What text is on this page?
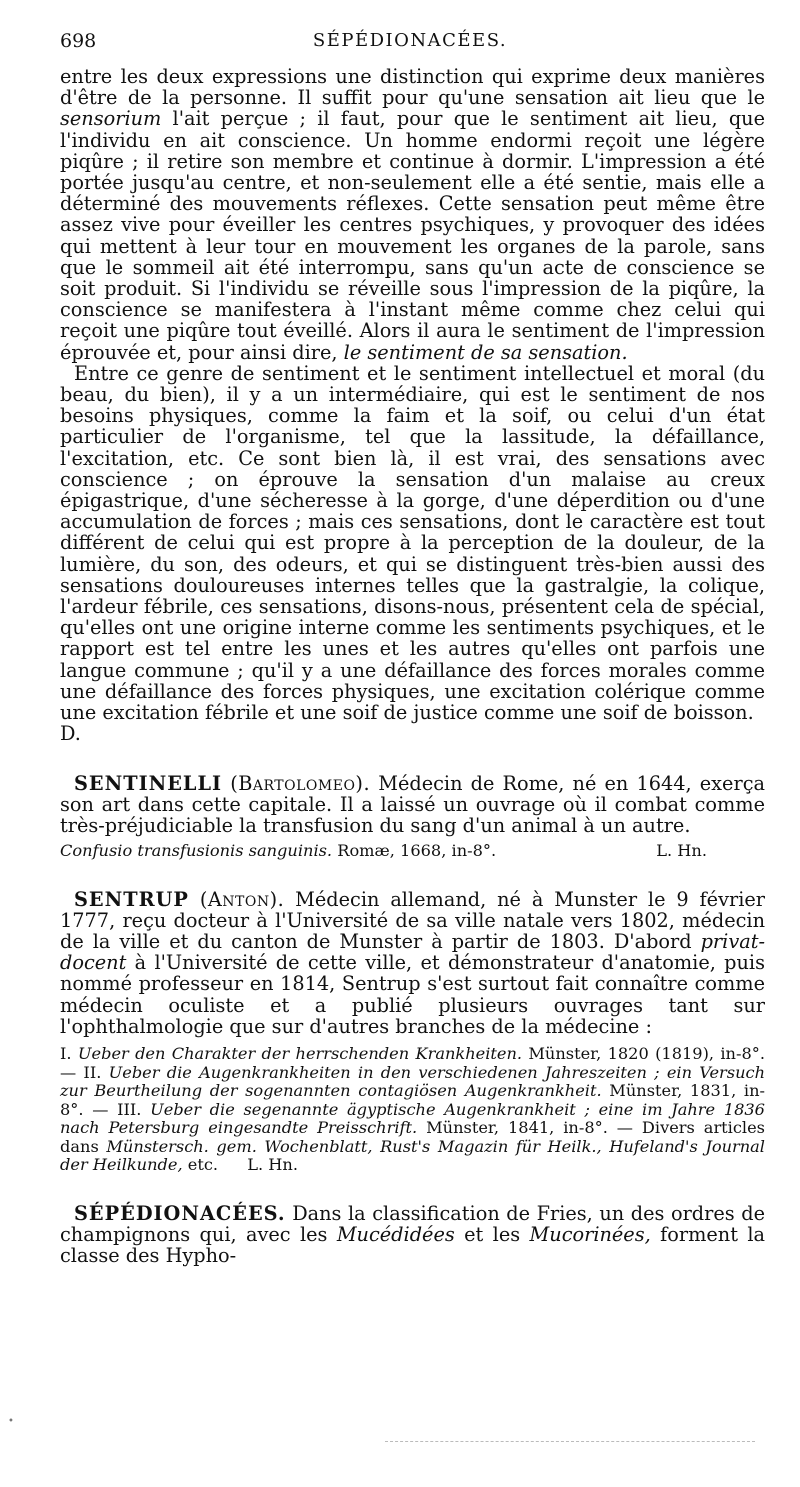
698	SÉPÉDIONACÉES.

entre les deux expressions une distinction qui exprime deux manières d'être de la personne. Il suffit pour qu'une sensation ait lieu que le sensorium l'ait perçue ; il faut, pour que le sentiment ait lieu, que l'individu en ait conscience. Un homme endormi reçoit une légère piqûre ; il retire son membre et continue à dormir. L'impression a été portée jusqu'au centre, et non-seulement elle a été sentie, mais elle a déterminé des mouvements réflexes. Cette sensation peut même être assez vive pour éveiller les centres psychiques, y provoquer des idées qui mettent à leur tour en mouvement les organes de la parole, sans que le sommeil ait été interrompu, sans qu'un acte de conscience se soit produit. Si l'individu se réveille sous l'impression de la piqûre, la conscience se manifestera à l'instant même comme chez celui qui reçoit une piqûre tout éveillé. Alors il aura le sentiment de l'impression éprouvée et, pour ainsi dire, le sentiment de sa sensation.

Entre ce genre de sentiment et le sentiment intellectuel et moral (du beau, du bien), il y a un intermédiaire, qui est le sentiment de nos besoins physiques, comme la faim et la soif, ou celui d'un état particulier de l'organisme, tel que la lassitude, la défaillance, l'excitation, etc. Ce sont bien là, il est vrai, des sensations avec conscience ; on éprouve la sensation d'un malaise au creux épigastrique, d'une sécheresse à la gorge, d'une déperdition ou d'une accumulation de forces ; mais ces sensations, dont le caractère est tout différent de celui qui est propre à la perception de la douleur, de la lumière, du son, des odeurs, et qui se distinguent très-bien aussi des sensations douloureuses internes telles que la gastralgie, la colique, l'ardeur fébrile, ces sensations, disons-nous, présentent cela de spécial, qu'elles ont une origine interne comme les sentiments psychiques, et le rapport est tel entre les unes et les autres qu'elles ont parfois une langue commune ; qu'il y a une défaillance des forces morales comme une défaillance des forces physiques, une excitation colérique comme une excitation fébrile et une soif de justice comme une soif de boisson.

D.

SENTINELLI (Bartolomeo). Médecin de Rome, né en 1644, exerça son art dans cette capitale. Il a laissé un ouvrage où il combat comme très-préjudiciable la transfusion du sang d'un animal à un autre.

L. Hn.
Confusio transfusionis sanguinis. Romæ, 1668, in-8°.

SENTRUP (Anton). Médecin allemand, né à Munster le 9 février 1777, reçu docteur à l'Université de sa ville natale vers 1802, médecin de la ville et du canton de Munster à partir de 1803. D'abord privat-docent à l'Université de cette ville, et démonstrateur d'anatomie, puis nommé professeur en 1814, Sentrup s'est surtout fait connaître comme médecin oculiste et a publié plusieurs ouvrages tant sur l'ophthalmologie que sur d'autres branches de la médecine :

I. Ueber den Charakter der herrschenden Krankheiten. Münster, 1820 (1819), in-8°. — II. Ueber die Augenkrankheiten in den verschiedenen Jahreszeiten ; ein Versuch zur Beurtheilung der sogenannten contagiösen Augenkrankheit. Münster, 1831, in-8°. — III. Ueber die segenannte ägyptische Augenkrankheit ; eine im Jahre 1836 nach Petersburg eingesandte Preisschrift. Münster, 1841, in-8°. — Divers articles dans Münstersch. gem. Wochenblatt, Rust's Magazin für Heilk., Hufeland's Journal der Heilkunde, etc. L. Hn.

SÉPÉDIONACÉES. Dans la classification de Fries, un des ordres de champignons qui, avec les Mucédidées et les Mucorinées, forment la classe des Hypho-

•
